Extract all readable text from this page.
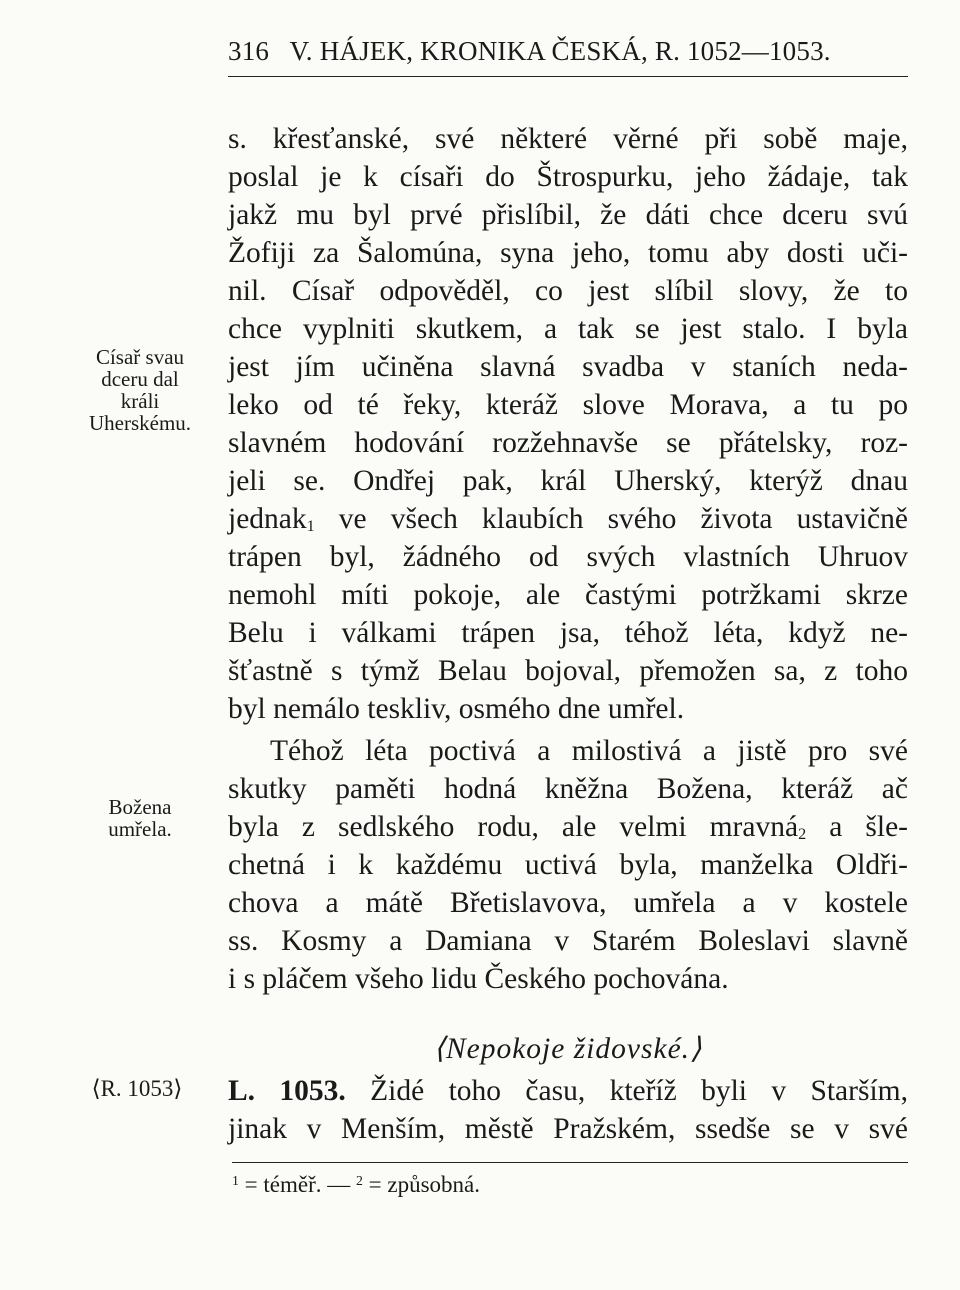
316 V. HÁJEK, KRONIKA ČESKÁ, R. 1052—1053.
s. křesťanské, své některé věrné při sobě maje,
poslal je k císaři do Štrospurku, jeho žádaje, tak
jakž mu byl prvé přislíbil, že dáti chce dceru svú
Žofiji za Šalomúna, syna jeho, tomu aby dosti uči-
nil. Císař odpověděl, co jest slíbil slovy, že to
chce vyplniti skutkem, a tak se jest stalo. I byla
jest jím učiněna slavná svadba v staních neda-
leko od té řeky, kteráž slove Morava, a tu po
slavném hodování rozžehnavše se přátelsky, roz-
jeli se. Ondřej pak, král Uherský, kterýž dnau
jednak$_1$ ve všech klaubích svého života ustavičně
trápen byl, žádného od svých vlastních Uhruov
nemohl míti pokoje, ale častými potržkami skrze
Belu i válkami trápen jsa, téhož léta, když ne-
šťastně s týmž Belau bojoval, přemožen sa, z toho
byl nemálo teskliv, osmého dne umřel.
Téhož léta poctivá a milostivá a jistě pro své
skutky paměti hodná kněžna Božena, kteráž ač
byla z sedlského rodu, ale velmi mravná$_2$ a šle-
chetná i k každému uctivá byla, manželka Oldři-
chova a mátě Břetislavova, umřela a v kostele
ss. Kosmy a Damiana v Starém Boleslavi slavně
i s pláčem všeho lidu Českého pochována.
⟨Nepokoje židovské.⟩
L. 1053. Židé toho času, kteříž byli v Starším,
jinak v Menším, městě Pražském, ssedše se v své
Císař svau
dceru dal
králi
Uherskému.
Božena
umřela.
⟨R. 1053⟩
$^1$ = téměř. — $^2$ = způsobná.
